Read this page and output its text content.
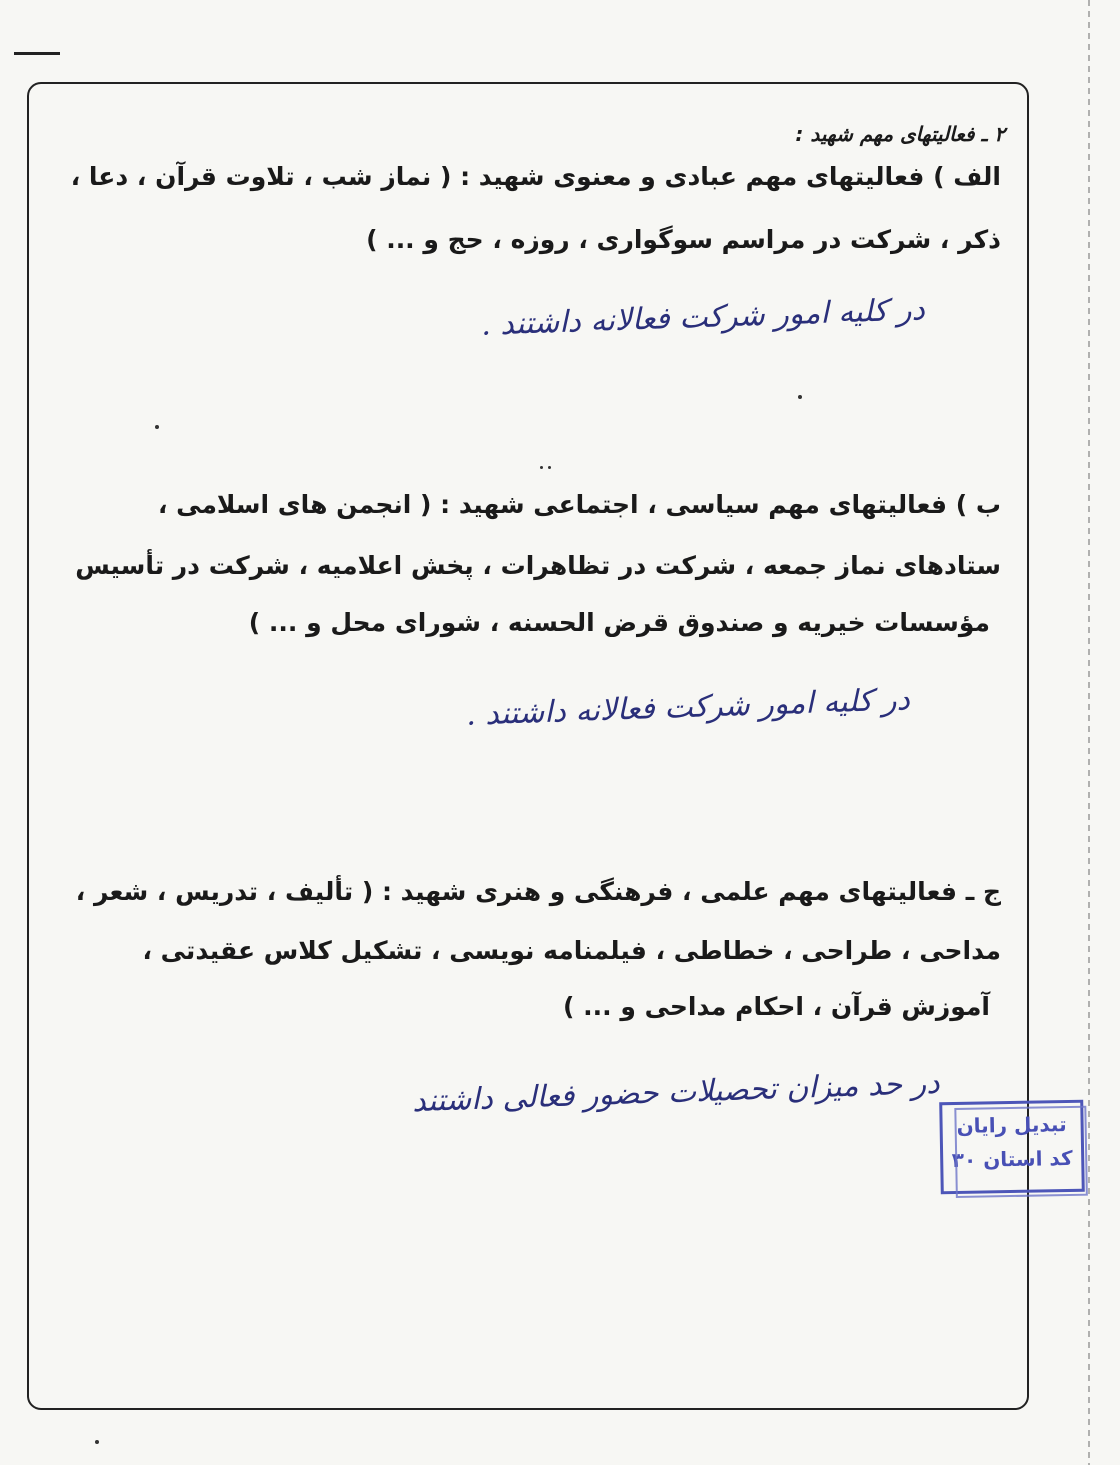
۲ ـ فعالیتهای مهم شهید :
الف ) فعالیتهای مهم عبادی و معنوی شهید : ( نماز شب ، تلاوت قرآن ، دعا ،
ذکر ، شرکت در مراسم سوگواری ، روزه ، حج و ... )
در کلیه امور شرکت فعالانه داشتند .
ب ) فعالیتهای مهم سیاسی ، اجتماعی شهید : ( انجمن های اسلامی ،
ستادهای نماز جمعه ، شرکت در تظاهرات ، پخش اعلامیه ، شرکت در تأسیس
مؤسسات خیریه و صندوق قرض الحسنه ، شورای محل و ... )
در کلیه امور شرکت فعالانه داشتند .
ج ـ فعالیتهای مهم علمی ، فرهنگی و هنری شهید : ( تألیف ، تدریس ، شعر ،
مداحی ، طراحی ، خطاطی ، فیلمنامه نویسی ، تشکیل کلاس عقیدتی ،
آموزش قرآن ، احکام مداحی و ... )
در حد میزان تحصیلات حضور فعالی داشتند
تبدیل رایان
کد استان ۳۰
